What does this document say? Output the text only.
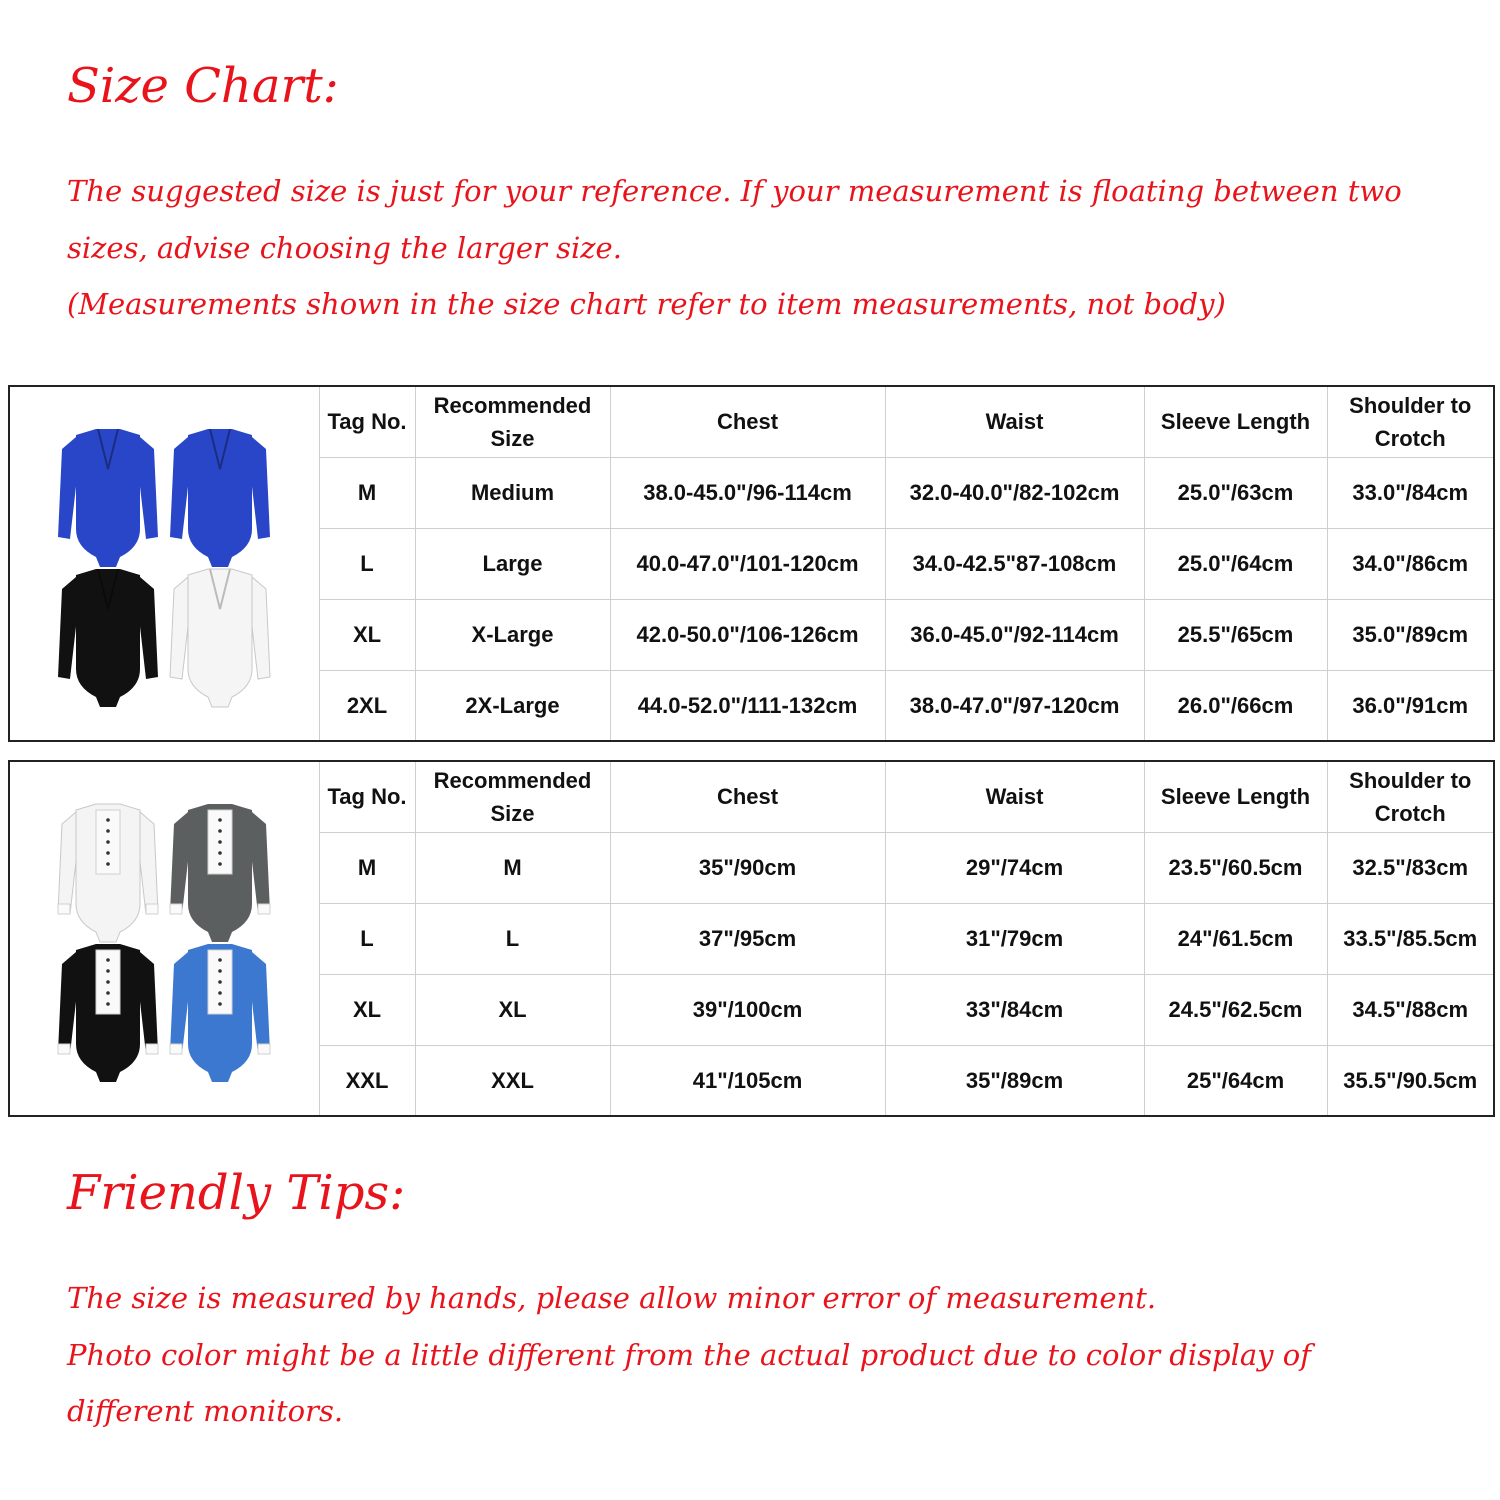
Size Chart:

The suggested size is just for your reference. If your measurement is floating between two sizes, advise choosing the larger size.

(Measurements shown in the size chart refer to item measurements, not body)

Tag No.	Recommended Size	Chest	Waist	Sleeve Length	Shoulder to Crotch

	M	Medium	38.0-45.0"/96-114cm	32.0-40.0"/82-102cm	25.0"/63cm	33.0"/84cm
	L	Large	40.0-47.0"/101-120cm	34.0-42.5"87-108cm	25.0"/64cm	34.0"/86cm
	XL	X-Large	42.0-50.0"/106-126cm	36.0-45.0"/92-114cm	25.5"/65cm	35.0"/89cm
	2XL	2X-Large	44.0-52.0"/111-132cm	38.0-47.0"/97-120cm	26.0"/66cm	36.0"/91cm

Tag No.	Recommended Size	Chest	Waist	Sleeve Length	Shoulder to Crotch

	M	M	35"/90cm	29"/74cm	23.5"/60.5cm	32.5"/83cm
	L	L	37"/95cm	31"/79cm	24"/61.5cm	33.5"/85.5cm
	XL	XL	39"/100cm	33"/84cm	24.5"/62.5cm	34.5"/88cm
	XXL	XXL	41"/105cm	35"/89cm	25"/64cm	35.5"/90.5cm
Friendly Tips:

The size is measured by hands, please allow minor error of measurement.

Photo color might be a little different from the actual product due to color display of different monitors.
